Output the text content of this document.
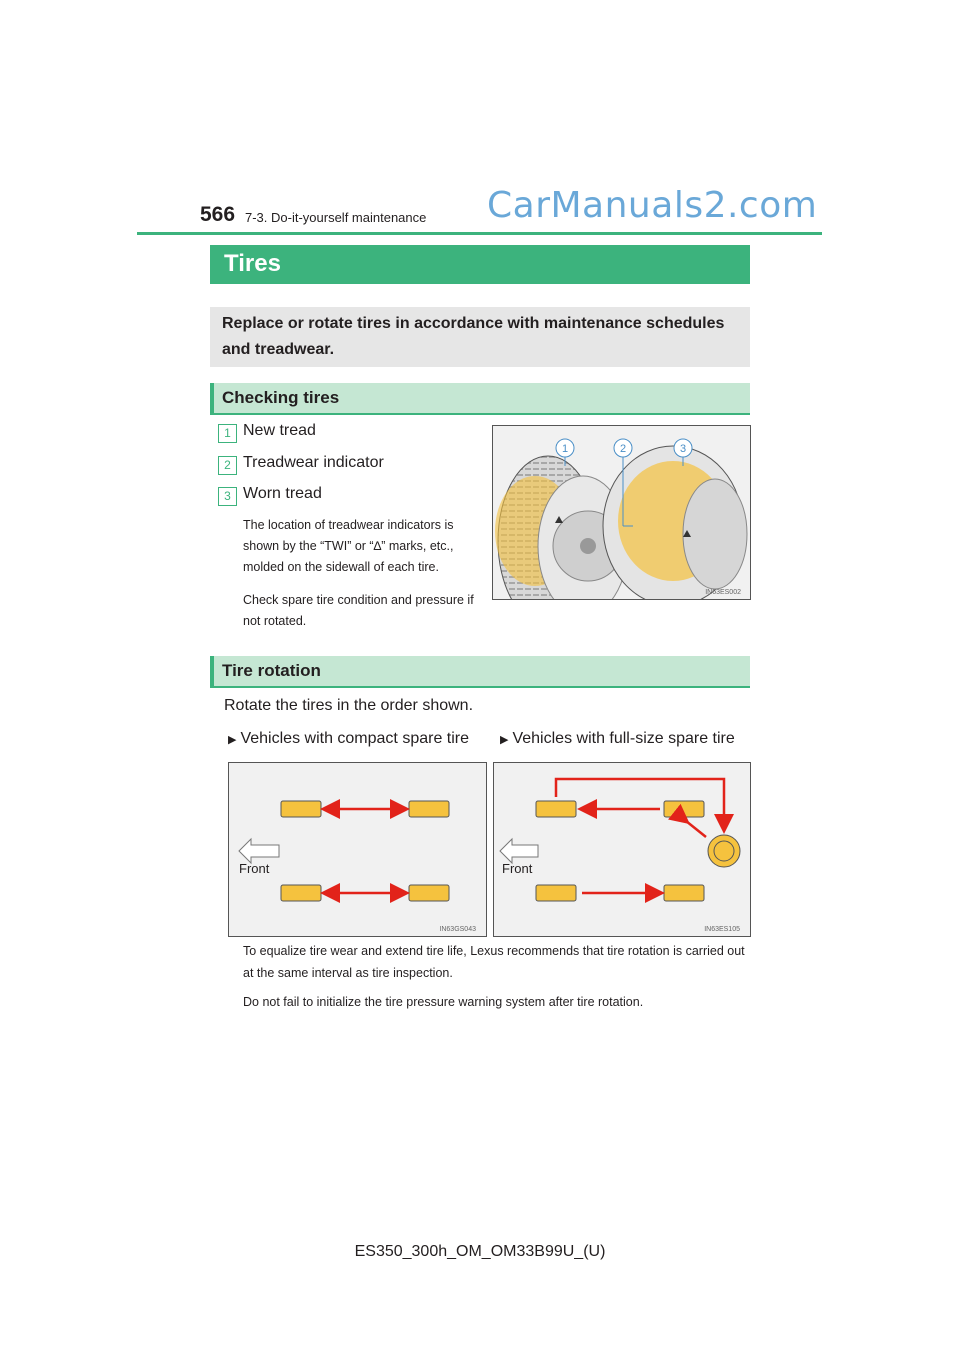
566 7-3. Do-it-yourself maintenance CarManuals2.com
Tires
Replace or rotate tires in accordance with maintenance schedules and treadwear.
Checking tires
1 New tread
2 Treadwear indicator
3 Worn tread
The location of treadwear indicators is shown by the “TWI” or “∆” marks, etc., molded on the sidewall of each tire.
Check spare tire condition and pressure if not rotated.
1	2	3
IN63ES002
Tire rotation
Rotate the tires in the order shown.
▶ Vehicles with compact spare tire	▶ Vehicles with full-size spare tire
Front
IN63GS043
Front
IN63ES105
To equalize tire wear and extend tire life, Lexus recommends that tire rotation is carried out at the same interval as tire inspection.
Do not fail to initialize the tire pressure warning system after tire rotation.
ES350_300h_OM_OM33B99U_(U)
